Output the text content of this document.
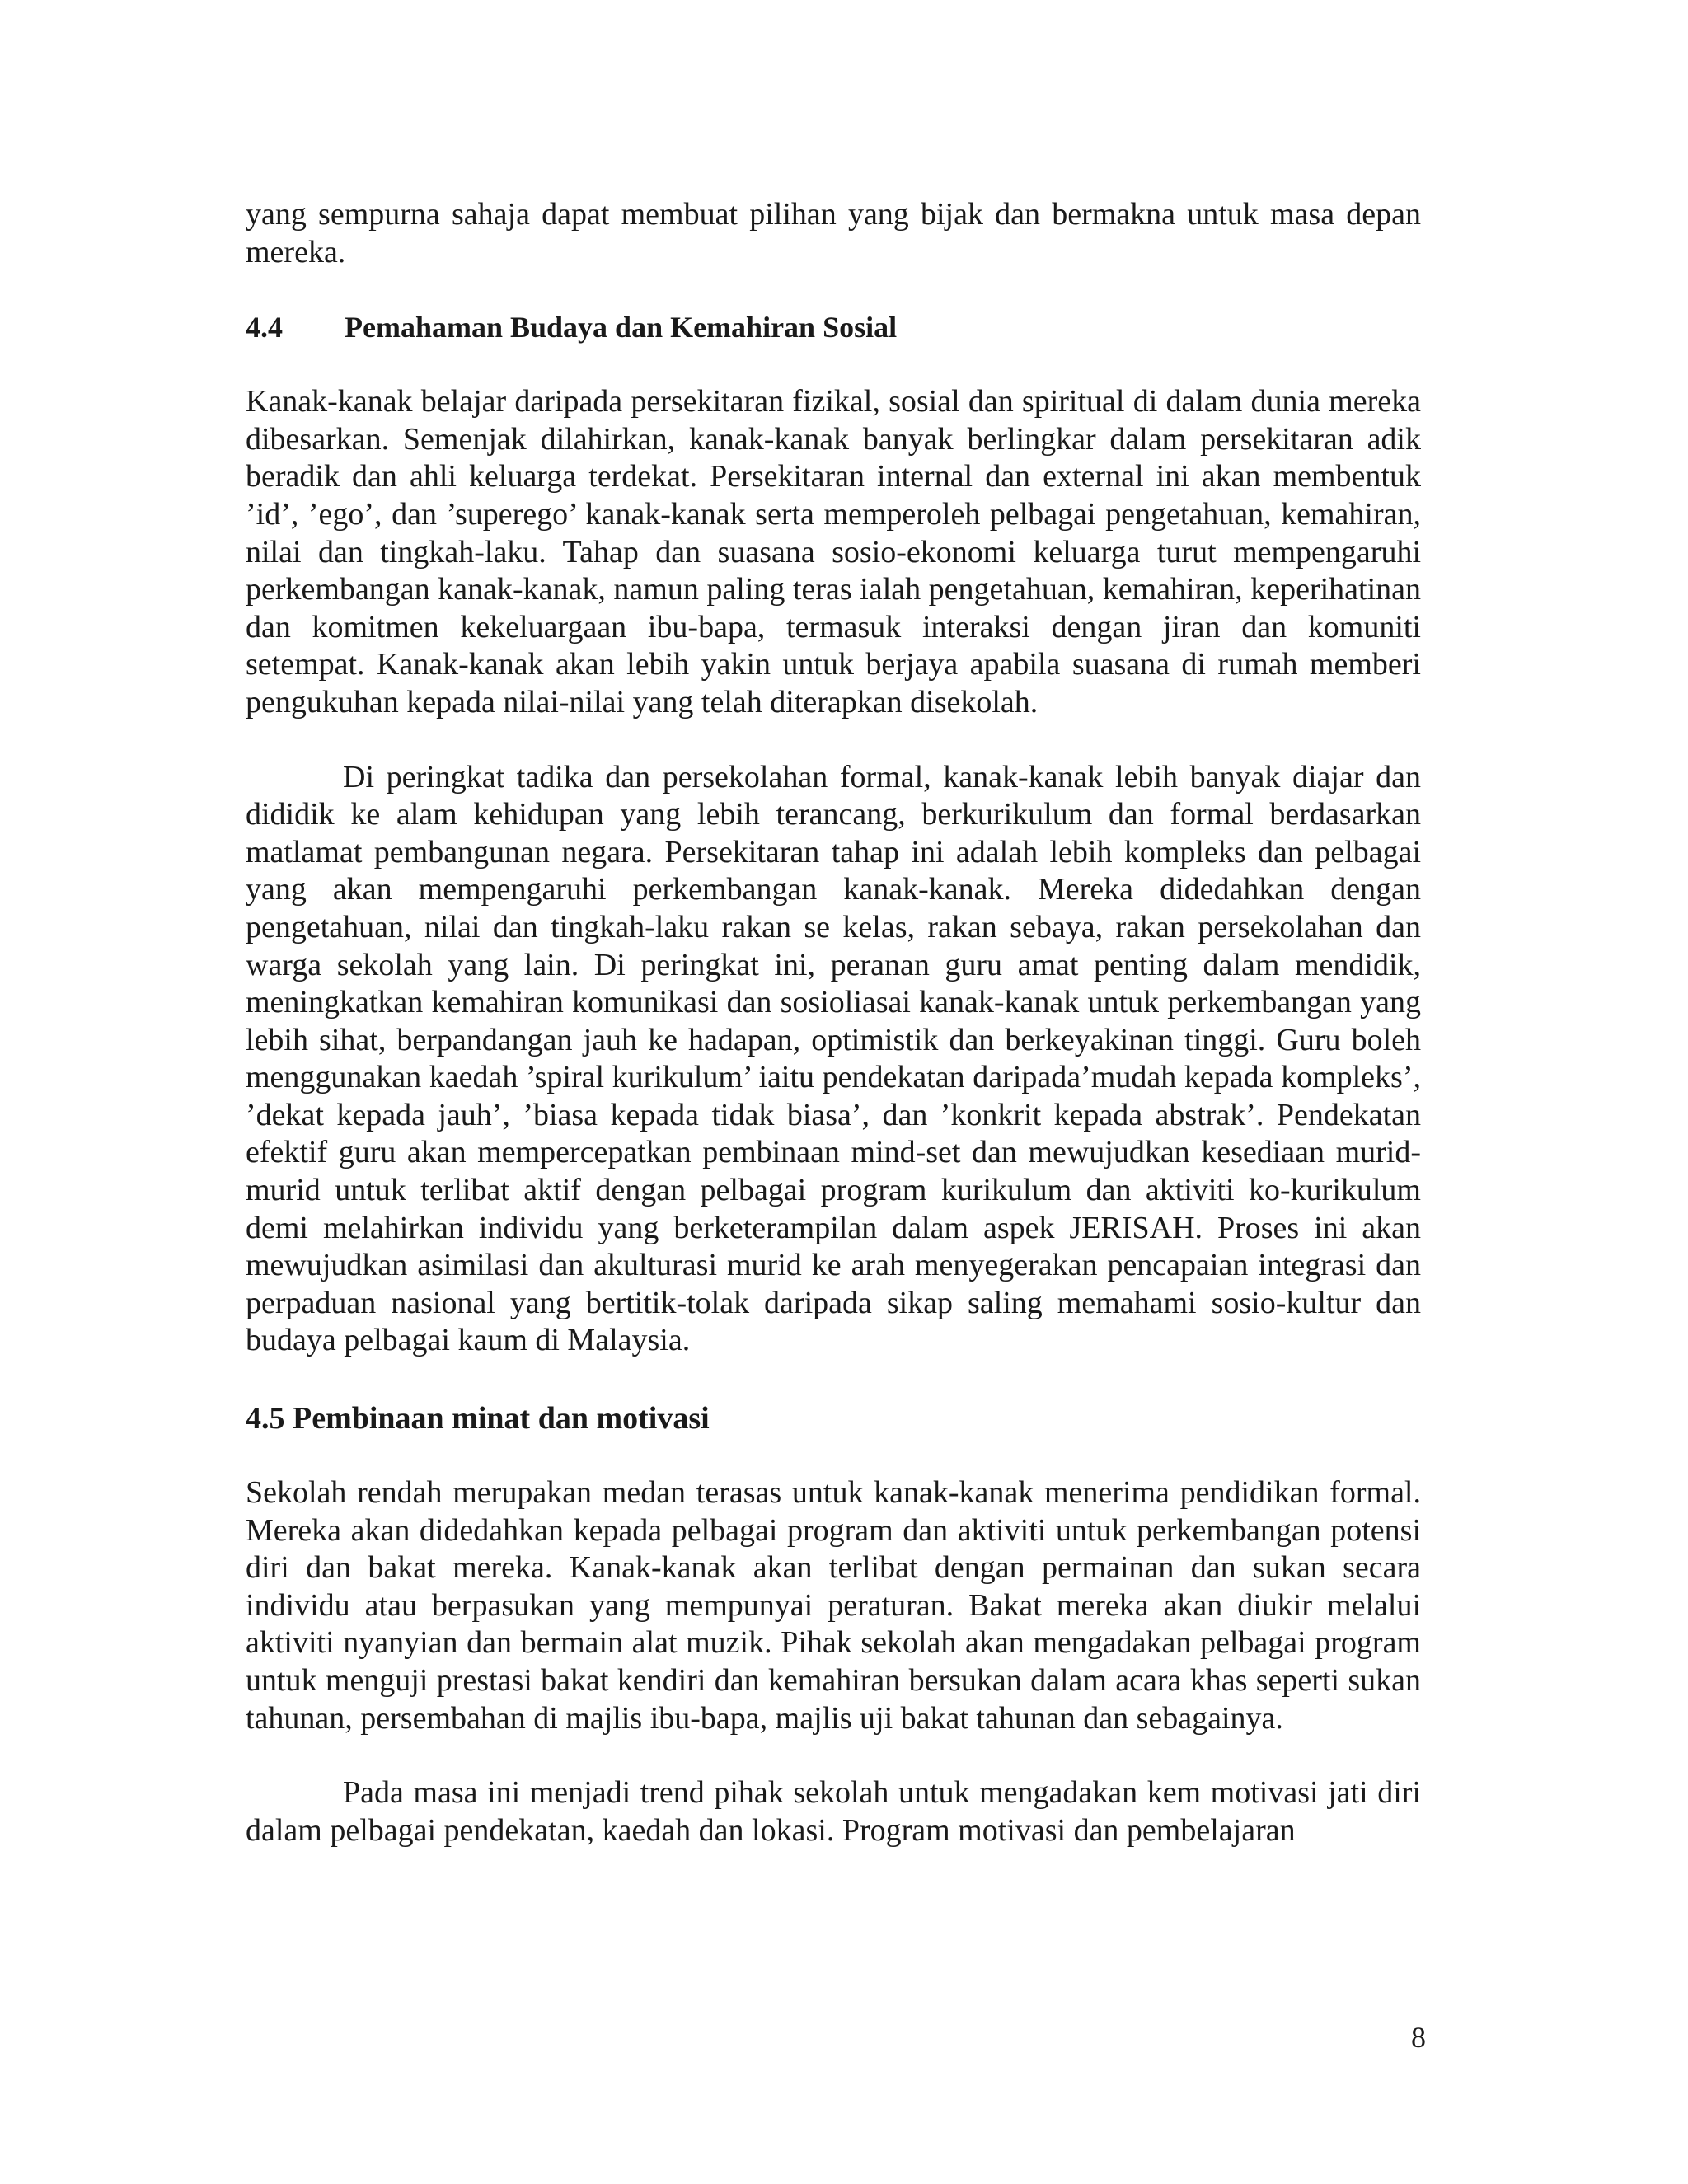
yang sempurna sahaja dapat membuat pilihan yang bijak dan bermakna untuk masa depan mereka.

4.4 Pemahaman Budaya dan Kemahiran Sosial

Kanak-kanak belajar daripada persekitaran fizikal, sosial dan spiritual di dalam dunia mereka dibesarkan. Semenjak dilahirkan, kanak-kanak banyak berlingkar dalam persekitaran adik beradik dan ahli keluarga terdekat. Persekitaran internal dan external ini akan membentuk ’id’, ’ego’, dan ’superego’ kanak-kanak serta memperoleh pelbagai pengetahuan, kemahiran, nilai dan tingkah-laku. Tahap dan suasana sosio-ekonomi keluarga turut mempengaruhi perkembangan kanak-kanak, namun paling teras ialah pengetahuan, kemahiran, keperihatinan dan komitmen kekeluargaan ibu-bapa, termasuk interaksi dengan jiran dan komuniti setempat. Kanak-kanak akan lebih yakin untuk berjaya apabila suasana di rumah memberi pengukuhan kepada nilai-nilai yang telah diterapkan disekolah.

Di peringkat tadika dan persekolahan formal, kanak-kanak lebih banyak diajar dan dididik ke alam kehidupan yang lebih terancang, berkurikulum dan formal berdasarkan matlamat pembangunan negara. Persekitaran tahap ini adalah lebih kompleks dan pelbagai yang akan mempengaruhi perkembangan kanak-kanak. Mereka didedahkan dengan pengetahuan, nilai dan tingkah-laku rakan se kelas, rakan sebaya, rakan persekolahan dan warga sekolah yang lain. Di peringkat ini, peranan guru amat penting dalam mendidik, meningkatkan kemahiran komunikasi dan sosioliasai kanak-kanak untuk perkembangan yang lebih sihat, berpandangan jauh ke hadapan, optimistik dan berkeyakinan tinggi. Guru boleh menggunakan kaedah ’spiral kurikulum’ iaitu pendekatan daripada’mudah kepada kompleks’, ’dekat kepada jauh’, ’biasa kepada tidak biasa’, dan ’konkrit kepada abstrak’. Pendekatan efektif guru akan mempercepatkan pembinaan mind-set dan mewujudkan kesediaan murid-murid untuk terlibat aktif dengan pelbagai program kurikulum dan aktiviti ko-kurikulum demi melahirkan individu yang berketerampilan dalam aspek JERISAH. Proses ini akan mewujudkan asimilasi dan akulturasi murid ke arah menyegerakan pencapaian integrasi dan perpaduan nasional yang bertitik-tolak daripada sikap saling memahami sosio-kultur dan budaya pelbagai kaum di Malaysia.

4.5 Pembinaan minat dan motivasi

Sekolah rendah merupakan medan terasas untuk kanak-kanak menerima pendidikan formal. Mereka akan didedahkan kepada pelbagai program dan aktiviti untuk perkembangan potensi diri dan bakat mereka. Kanak-kanak akan terlibat dengan permainan dan sukan secara individu atau berpasukan yang mempunyai peraturan. Bakat mereka akan diukir melalui aktiviti nyanyian dan bermain alat muzik. Pihak sekolah akan mengadakan pelbagai program untuk menguji prestasi bakat kendiri dan kemahiran bersukan dalam acara khas seperti sukan tahunan, persembahan di majlis ibu-bapa, majlis uji bakat tahunan dan sebagainya.

Pada masa ini menjadi trend pihak sekolah untuk mengadakan kem motivasi jati diri dalam pelbagai pendekatan, kaedah dan lokasi. Program motivasi dan pembelajaran

8
